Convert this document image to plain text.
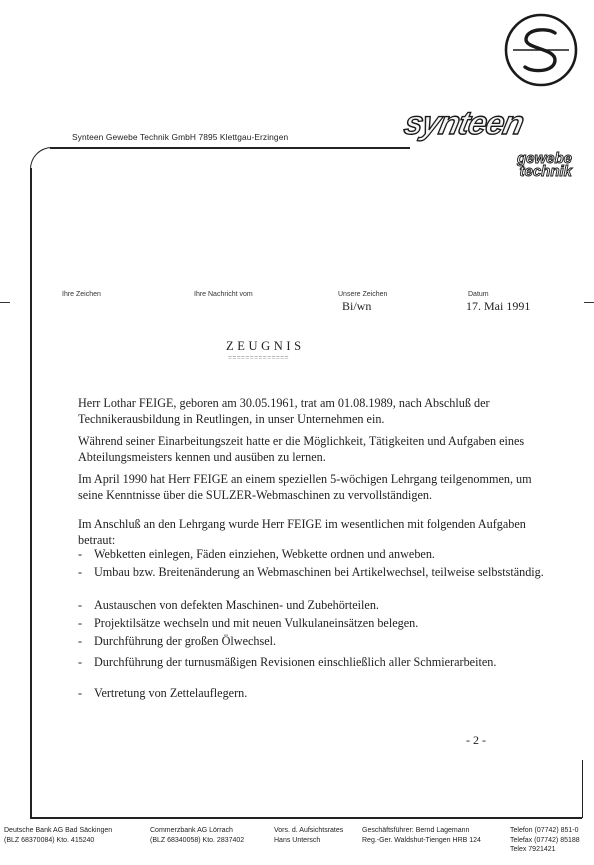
synteen
gewebe
technik
Synteen Gewebe Technik GmbH 7895 Klettgau-Erzingen
Ihre Zeichen	Ihre Nachricht vom	Unsere Zeichen
Bi/wn
Datum
17. Mai 1991
ZEUGNIS
==============
Herr Lothar FEIGE, geboren am 30.05.1961, trat am 01.08.1989, nach Abschluß der Technikerausbildung in Reutlingen, in unser Unternehmen ein.
Während seiner Einarbeitungszeit hatte er die Möglichkeit, Tätigkeiten und Aufgaben eines Abteilungsmeisters kennen und ausüben zu lernen.
Im April 1990 hat Herr FEIGE an einem speziellen 5-wöchigen Lehrgang teilgenommen, um seine Kenntnisse über die SULZER-Webmaschinen zu vervollständigen.
Im Anschluß an den Lehrgang wurde Herr FEIGE im wesentlichen mit folgenden Aufgaben betraut:
- Webketten einlegen, Fäden einziehen, Webkette ordnen und anweben.
- Umbau bzw. Breitenänderung an Webmaschinen bei Artikelwechsel, teilweise selbstständig.
- Austauschen von defekten Maschinen- und Zubehörteilen.
- Projektilsätze wechseln und mit neuen Vulkulaneinsätzen belegen.
- Durchführung der großen Ölwechsel.
- Durchführung der turnusmäßigen Revisionen einschließlich aller Schmierarbeiten.
- Vertretung von Zettelauflegern.
- 2 -
Deutsche Bank AG Bad Säckingen
(BLZ 68370084) Kto. 415240
Commerzbank AG Lörrach
(BLZ 68340058) Kto. 2837402
Vors. d. Aufsichtsrates
Hans Untersch
Geschäftsführer: Bernd Lagemann
Reg.-Ger. Waldshut-Tiengen HRB 124
Telefon (07742) 851-0
Telefax (07742) 85188
Telex 7921421
